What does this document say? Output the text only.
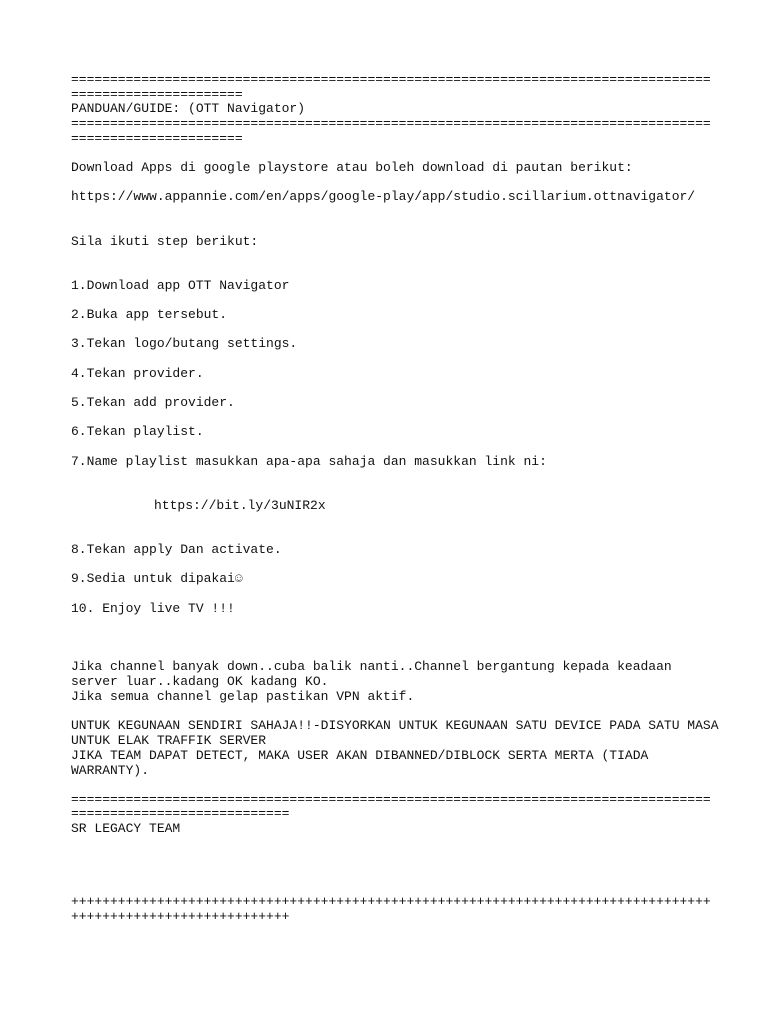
==================================================================================

======================

PANDUAN/GUIDE: (OTT Navigator)

==================================================================================

======================

Download Apps di google playstore atau boleh download di pautan berikut:

https://www.appannie.com/en/apps/google-play/app/studio.scillarium.ottnavigator/

Sila ikuti step berikut:

1.Download app OTT Navigator

2.Buka app tersebut.

3.Tekan logo/butang settings.

4.Tekan provider.

5.Tekan add provider.

6.Tekan playlist.

7.Name playlist masukkan apa-apa sahaja dan masukkan link ni:

https://bit.ly/3uNIR2x

8.Tekan apply Dan activate.

9.Sedia untuk dipakai☺

10. Enjoy live TV !!!

Jika channel banyak down..cuba balik nanti..Channel bergantung kepada keadaan

server luar..kadang OK kadang KO.

Jika semua channel gelap pastikan VPN aktif.

UNTUK KEGUNAAN SENDIRI SAHAJA!!-DISYORKAN UNTUK KEGUNAAN SATU DEVICE PADA SATU MASA

UNTUK ELAK TRAFFIK SERVER

JIKA TEAM DAPAT DETECT, MAKA USER AKAN DIBANNED/DIBLOCK SERTA MERTA (TIADA

WARRANTY).

==================================================================================

============================

SR LEGACY TEAM

++++++++++++++++++++++++++++++++++++++++++++++++++++++++++++++++++++++++++++++++++

++++++++++++++++++++++++++++
